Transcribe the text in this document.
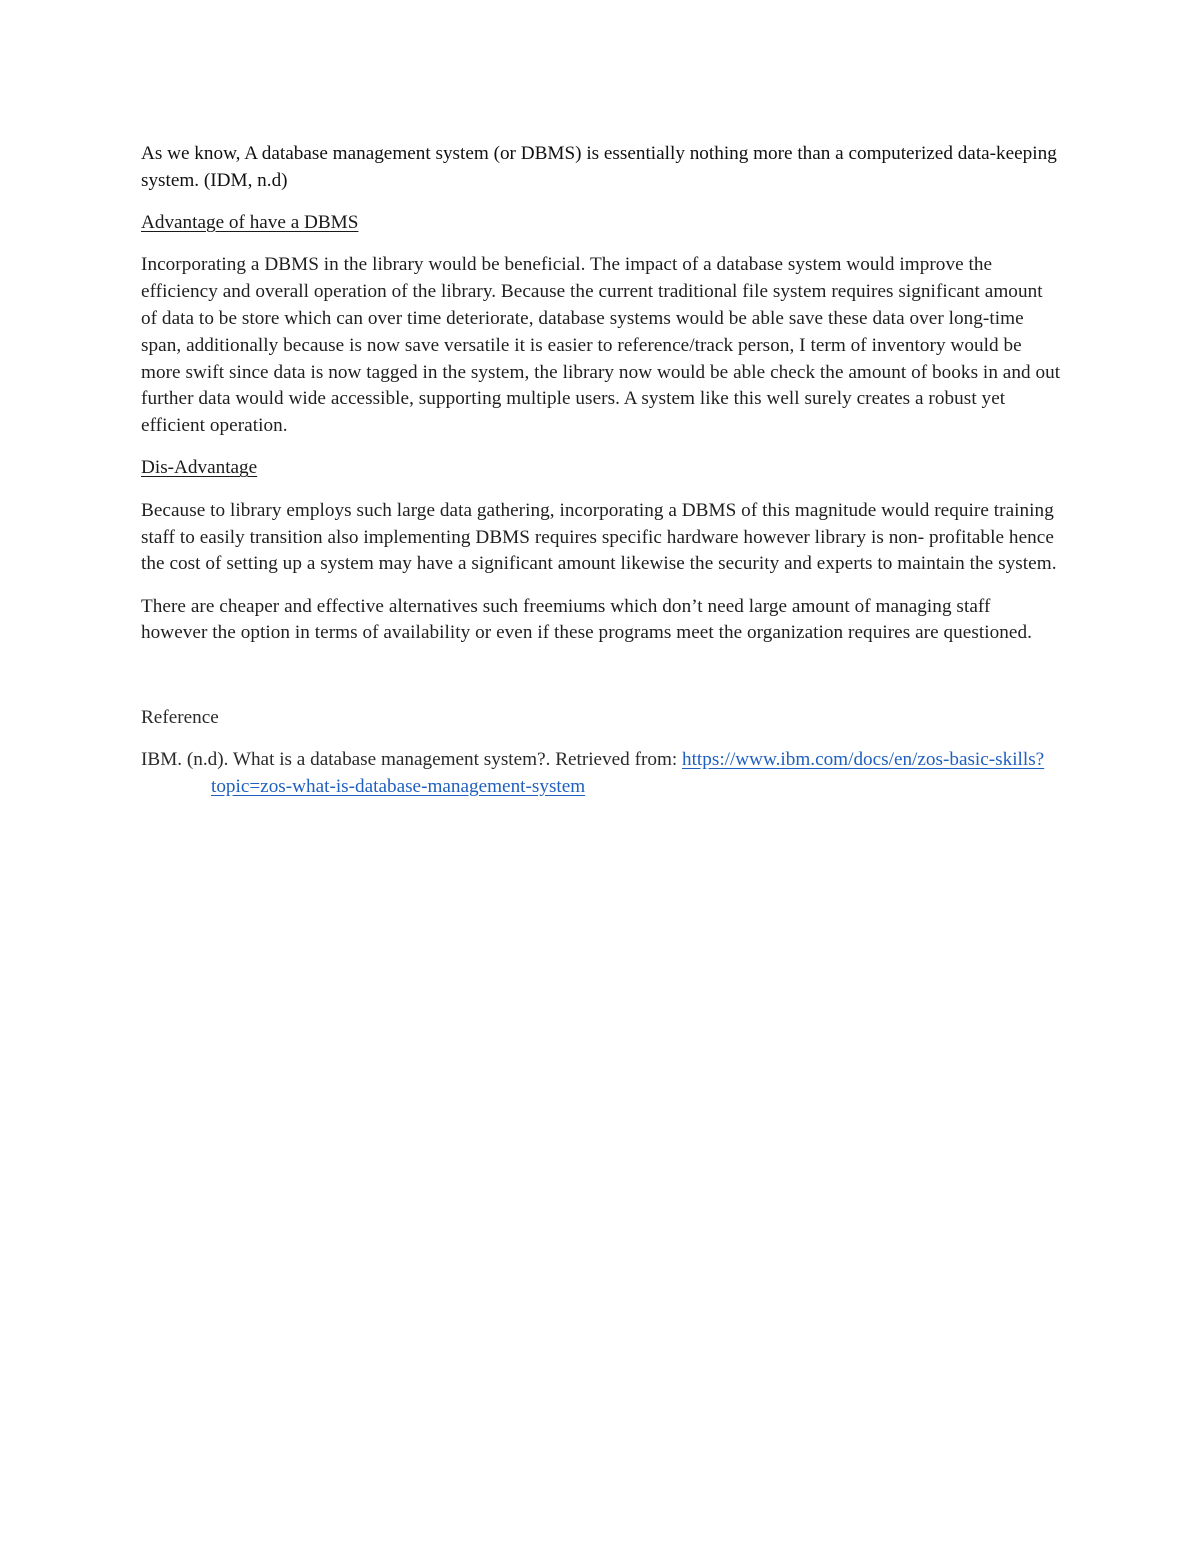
As we know, A database management system (or DBMS) is essentially nothing more than a computerized data-keeping system. (IDM, n.d)

Advantage of have a DBMS

Incorporating a DBMS in the library would be beneficial. The impact of a database system would improve the efficiency and overall operation of the library. Because the current traditional file system requires significant amount of data to be store which can over time deteriorate, database systems would be able save these data over long-time span, additionally because is now save versatile it is easier to reference/track person, I term of inventory would be more swift since data is now tagged in the system, the library now would be able check the amount of books in and out further data would wide accessible, supporting multiple users. A system like this well surely creates a robust yet efficient operation.

Dis-Advantage

Because to library employs such large data gathering, incorporating a DBMS of this magnitude would require training staff to easily transition also implementing DBMS requires specific hardware however library is non- profitable hence the cost of setting up a system may have a significant amount likewise the security and experts to maintain the system.

There are cheaper and effective alternatives such freemiums which don’t need large amount of managing staff however the option in terms of availability or even if these programs meet the organization requires are questioned.

Reference

IBM. (n.d). What is a database management system?. Retrieved from: https://www.ibm.com/docs/en/zos-basic-skills?topic=zos-what-is-database-management-system
